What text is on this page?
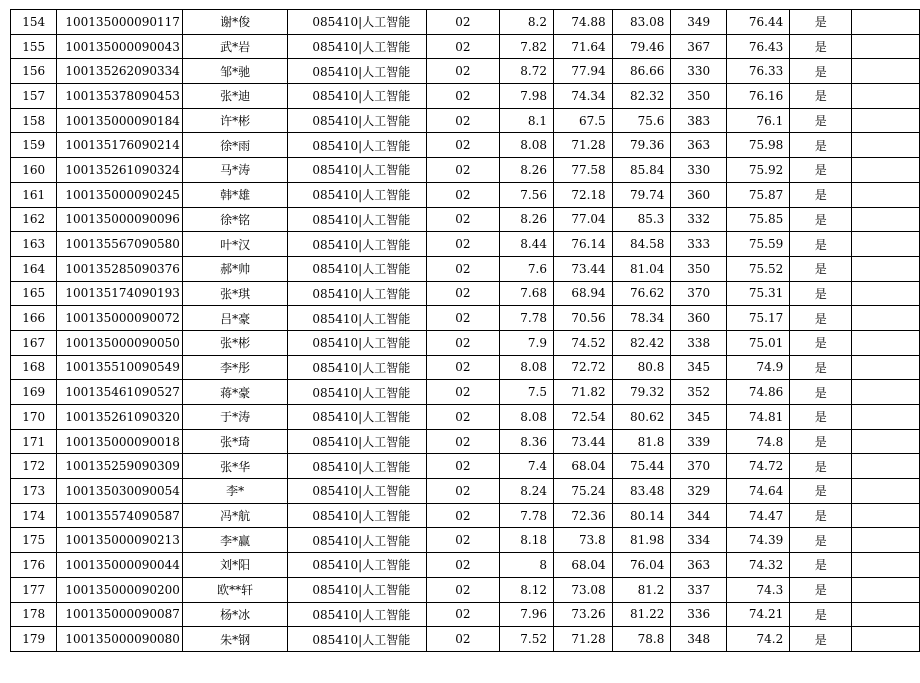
154	100135000090117	谢*俊	085410|人工智能	02	8.2	74.88	83.08	349	76.44	是	
155	100135000090043	武*岩	085410|人工智能	02	7.82	71.64	79.46	367	76.43	是	
156	100135262090334	邹*驰	085410|人工智能	02	8.72	77.94	86.66	330	76.33	是	
157	100135378090453	张*迪	085410|人工智能	02	7.98	74.34	82.32	350	76.16	是	
158	100135000090184	许*彬	085410|人工智能	02	8.1	67.5	75.6	383	76.1	是	
159	100135176090214	徐*雨	085410|人工智能	02	8.08	71.28	79.36	363	75.98	是	
160	100135261090324	马*涛	085410|人工智能	02	8.26	77.58	85.84	330	75.92	是	
161	100135000090245	韩*雄	085410|人工智能	02	7.56	72.18	79.74	360	75.87	是	
162	100135000090096	徐*铭	085410|人工智能	02	8.26	77.04	85.3	332	75.85	是	
163	100135567090580	叶*汉	085410|人工智能	02	8.44	76.14	84.58	333	75.59	是	
164	100135285090376	郝*帅	085410|人工智能	02	7.6	73.44	81.04	350	75.52	是	
165	100135174090193	张*琪	085410|人工智能	02	7.68	68.94	76.62	370	75.31	是	
166	100135000090072	吕*豪	085410|人工智能	02	7.78	70.56	78.34	360	75.17	是	
167	100135000090050	张*彬	085410|人工智能	02	7.9	74.52	82.42	338	75.01	是	
168	100135510090549	李*彤	085410|人工智能	02	8.08	72.72	80.8	345	74.9	是	
169	100135461090527	蒋*豪	085410|人工智能	02	7.5	71.82	79.32	352	74.86	是	
170	100135261090320	于*涛	085410|人工智能	02	8.08	72.54	80.62	345	74.81	是	
171	100135000090018	张*琦	085410|人工智能	02	8.36	73.44	81.8	339	74.8	是	
172	100135259090309	张*华	085410|人工智能	02	7.4	68.04	75.44	370	74.72	是	
173	100135030090054	李*	085410|人工智能	02	8.24	75.24	83.48	329	74.64	是	
174	100135574090587	冯*航	085410|人工智能	02	7.78	72.36	80.14	344	74.47	是	
175	100135000090213	李*赢	085410|人工智能	02	8.18	73.8	81.98	334	74.39	是	
176	100135000090044	刘*阳	085410|人工智能	02	8	68.04	76.04	363	74.32	是	
177	100135000090200	欧**轩	085410|人工智能	02	8.12	73.08	81.2	337	74.3	是	
178	100135000090087	杨*冰	085410|人工智能	02	7.96	73.26	81.22	336	74.21	是	
179	100135000090080	朱*钢	085410|人工智能	02	7.52	71.28	78.8	348	74.2	是	
